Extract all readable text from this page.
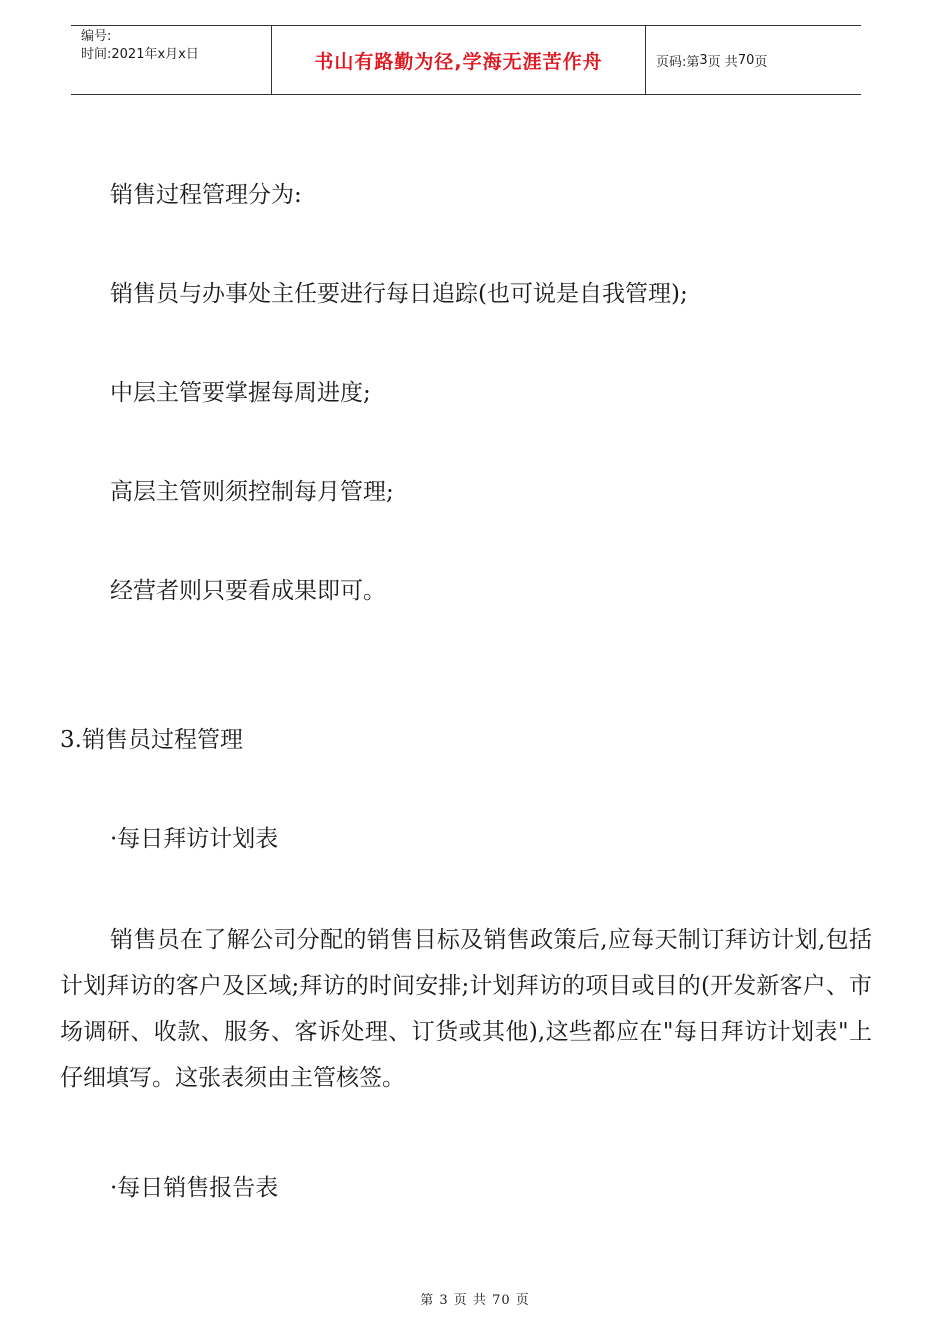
编号:
时间:2021年x月x日	书山有路勤为径,学海无涯苦作舟	页码:第 3 页 共 70 页

销售过程管理分为:

销售员与办事处主任要进行每日追踪(也可说是自我管理);

中层主管要掌握每周进度;

高层主管则须控制每月管理;

经营者则只要看成果即可。

3.销售员过程管理

·每日拜访计划表

销售员在了解公司分配的销售目标及销售政策后,应每天制订拜访计划,包括计划拜访的客户及区域;拜访的时间安排;计划拜访的项目或目的(开发新客户、市场调研、收款、服务、客诉处理、订货或其他),这些都应在"每日拜访计划表"上仔细填写。这张表须由主管核签。

·每日销售报告表

第 3 页 共 70 页
